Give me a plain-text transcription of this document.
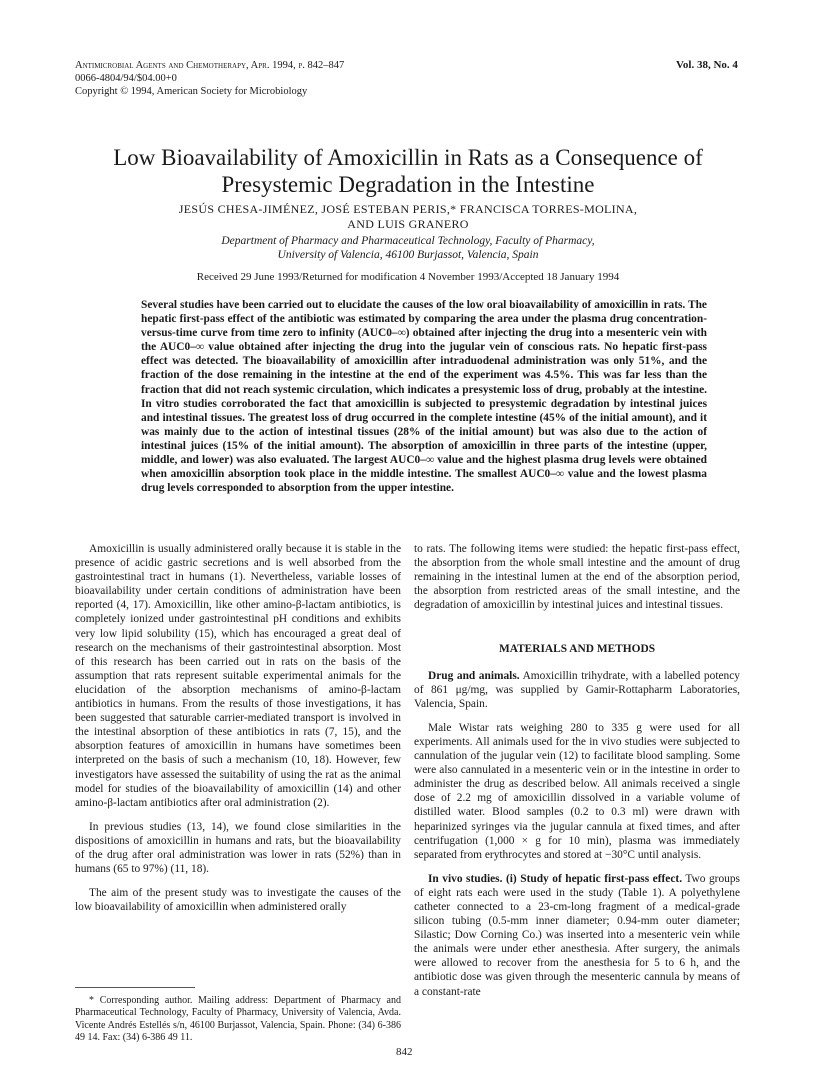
Antimicrobial Agents and Chemotherapy, Apr. 1994, p. 842–847
0066-4804/94/$04.00+0
Copyright © 1994, American Society for Microbiology
Vol. 38, No. 4
Low Bioavailability of Amoxicillin in Rats as a Consequence of Presystemic Degradation in the Intestine
JESÚS CHESA-JIMÉNEZ, JOSÉ ESTEBAN PERIS,* FRANCISCA TORRES-MOLINA,
AND LUIS GRANERO
Department of Pharmacy and Pharmaceutical Technology, Faculty of Pharmacy,
University of Valencia, 46100 Burjassot, Valencia, Spain
Received 29 June 1993/Returned for modification 4 November 1993/Accepted 18 January 1994
Several studies have been carried out to elucidate the causes of the low oral bioavailability of amoxicillin in rats. The hepatic first-pass effect of the antibiotic was estimated by comparing the area under the plasma drug concentration-versus-time curve from time zero to infinity (AUC0–∞) obtained after injecting the drug into a mesenteric vein with the AUC0–∞ value obtained after injecting the drug into the jugular vein of conscious rats. No hepatic first-pass effect was detected. The bioavailability of amoxicillin after intraduodenal administration was only 51%, and the fraction of the dose remaining in the intestine at the end of the experiment was 4.5%. This was far less than the fraction that did not reach systemic circulation, which indicates a presystemic loss of drug, probably at the intestine. In vitro studies corroborated the fact that amoxicillin is subjected to presystemic degradation by intestinal juices and intestinal tissues. The greatest loss of drug occurred in the complete intestine (45% of the initial amount), and it was mainly due to the action of intestinal tissues (28% of the initial amount) but was also due to the action of intestinal juices (15% of the initial amount). The absorption of amoxicillin in three parts of the intestine (upper, middle, and lower) was also evaluated. The largest AUC0–∞ value and the highest plasma drug levels were obtained when amoxicillin absorption took place in the middle intestine. The smallest AUC0–∞ value and the lowest plasma drug levels corresponded to absorption from the upper intestine.

Amoxicillin is usually administered orally because it is stable in the presence of acidic gastric secretions and is well absorbed from the gastrointestinal tract in humans (1). Nevertheless, variable losses of bioavailability under certain conditions of administration have been reported (4, 17). Amoxicillin, like other amino-β-lactam antibiotics, is completely ionized under gastrointestinal pH conditions and exhibits very low lipid solubility (15), which has encouraged a great deal of research on the mechanisms of their gastrointestinal absorption. Most of this research has been carried out in rats on the basis of the assumption that rats represent suitable experimental animals for the elucidation of the absorption mechanisms of amino-β-lactam antibiotics in humans. From the results of those investigations, it has been suggested that saturable carrier-mediated transport is involved in the intestinal absorption of these antibiotics in rats (7, 15), and the absorption features of amoxicillin in humans have sometimes been interpreted on the basis of such a mechanism (10, 18). However, few investigators have assessed the suitability of using the rat as the animal model for studies of the bioavailability of amoxicillin (14) and other amino-β-lactam antibiotics after oral administration (2).

In previous studies (13, 14), we found close similarities in the dispositions of amoxicillin in humans and rats, but the bioavailability of the drug after oral administration was lower in rats (52%) than in humans (65 to 97%) (11, 18).

The aim of the present study was to investigate the causes of the low bioavailability of amoxicillin when administered orally

to rats. The following items were studied: the hepatic first-pass effect, the absorption from the whole small intestine and the amount of drug remaining in the intestinal lumen at the end of the absorption period, the absorption from restricted areas of the small intestine, and the degradation of amoxicillin by intestinal juices and intestinal tissues.

MATERIALS AND METHODS

Drug and animals. Amoxicillin trihydrate, with a labelled potency of 861 μg/mg, was supplied by Gamir-Rottapharm Laboratories, Valencia, Spain.

Male Wistar rats weighing 280 to 335 g were used for all experiments. All animals used for the in vivo studies were subjected to cannulation of the jugular vein (12) to facilitate blood sampling. Some were also cannulated in a mesenteric vein or in the intestine in order to administer the drug as described below. All animals received a single dose of 2.2 mg of amoxicillin dissolved in a variable volume of distilled water. Blood samples (0.2 to 0.3 ml) were drawn with heparinized syringes via the jugular cannula at fixed times, and after centrifugation (1,000 × g for 10 min), plasma was immediately separated from erythrocytes and stored at −30°C until analysis.

In vivo studies. (i) Study of hepatic first-pass effect. Two groups of eight rats each were used in the study (Table 1). A polyethylene catheter connected to a 23-cm-long fragment of a medical-grade silicon tubing (0.5-mm inner diameter; 0.94-mm outer diameter; Silastic; Dow Corning Co.) was inserted into a mesenteric vein while the animals were under ether anesthesia. After surgery, the animals were allowed to recover from the anesthesia for 5 to 6 h, and the antibiotic dose was given through the mesenteric cannula by means of a constant-rate

* Corresponding author. Mailing address: Department of Pharmacy and Pharmaceutical Technology, Faculty of Pharmacy, University of Valencia, Avda. Vicente Andrés Estellés s/n, 46100 Burjassot, Valencia, Spain. Phone: (34) 6-386 49 14. Fax: (34) 6-386 49 11.
842
